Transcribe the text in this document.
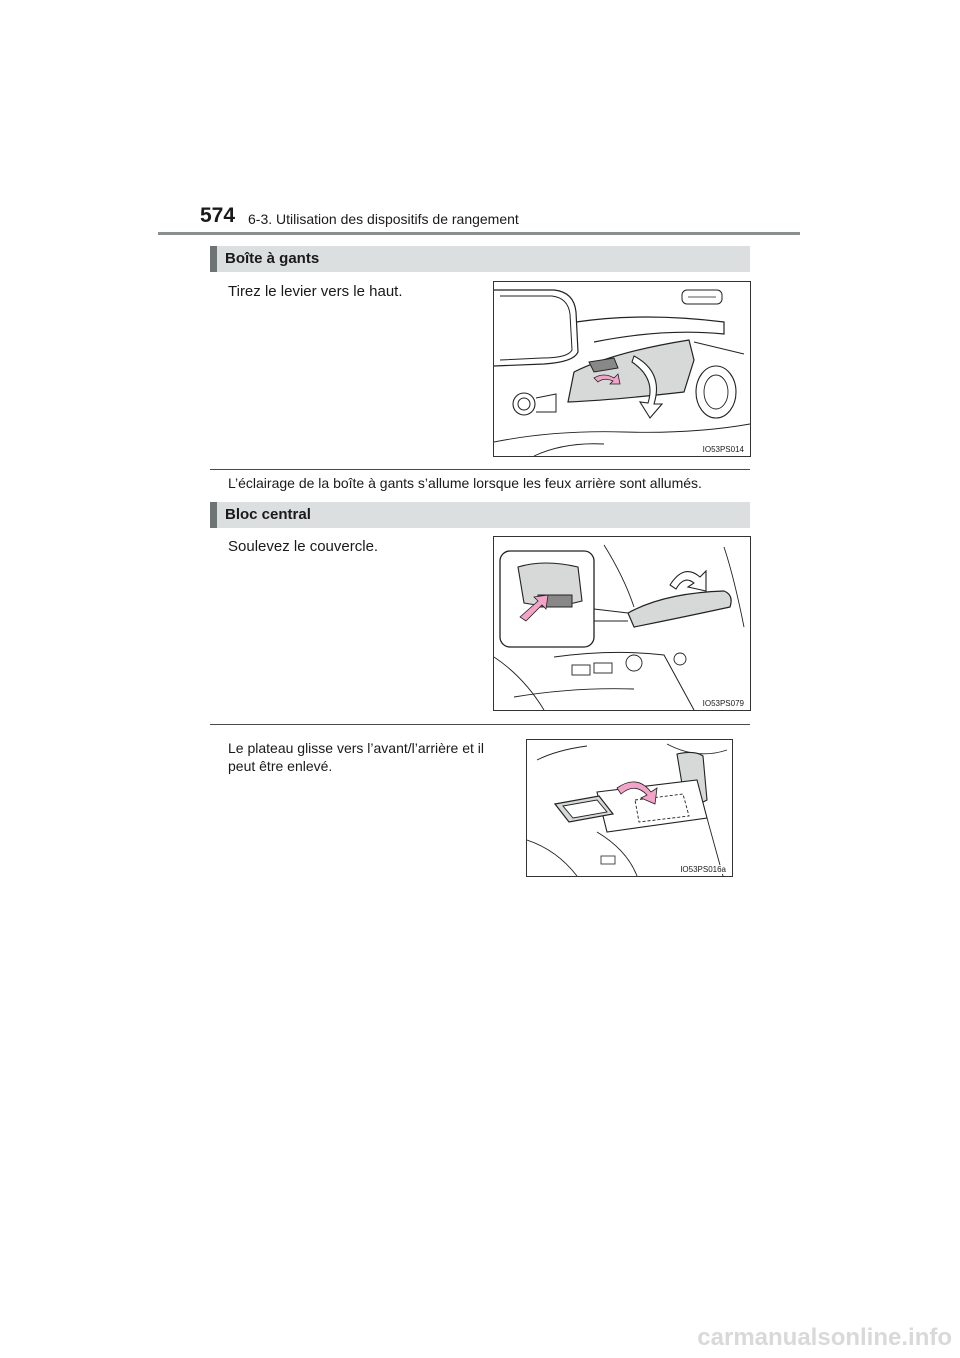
574 6-3. Utilisation des dispositifs de rangement
Boîte à gants
Tirez le levier vers le haut.
IO53PS014
L’éclairage de la boîte à gants s’allume lorsque les feux arrière sont allumés.
Bloc central
Soulevez le couvercle.
IO53PS079
Le plateau glisse vers l’avant/l’arrière et il peut être enlevé.
IO53PS016a
carmanualsonline.info
